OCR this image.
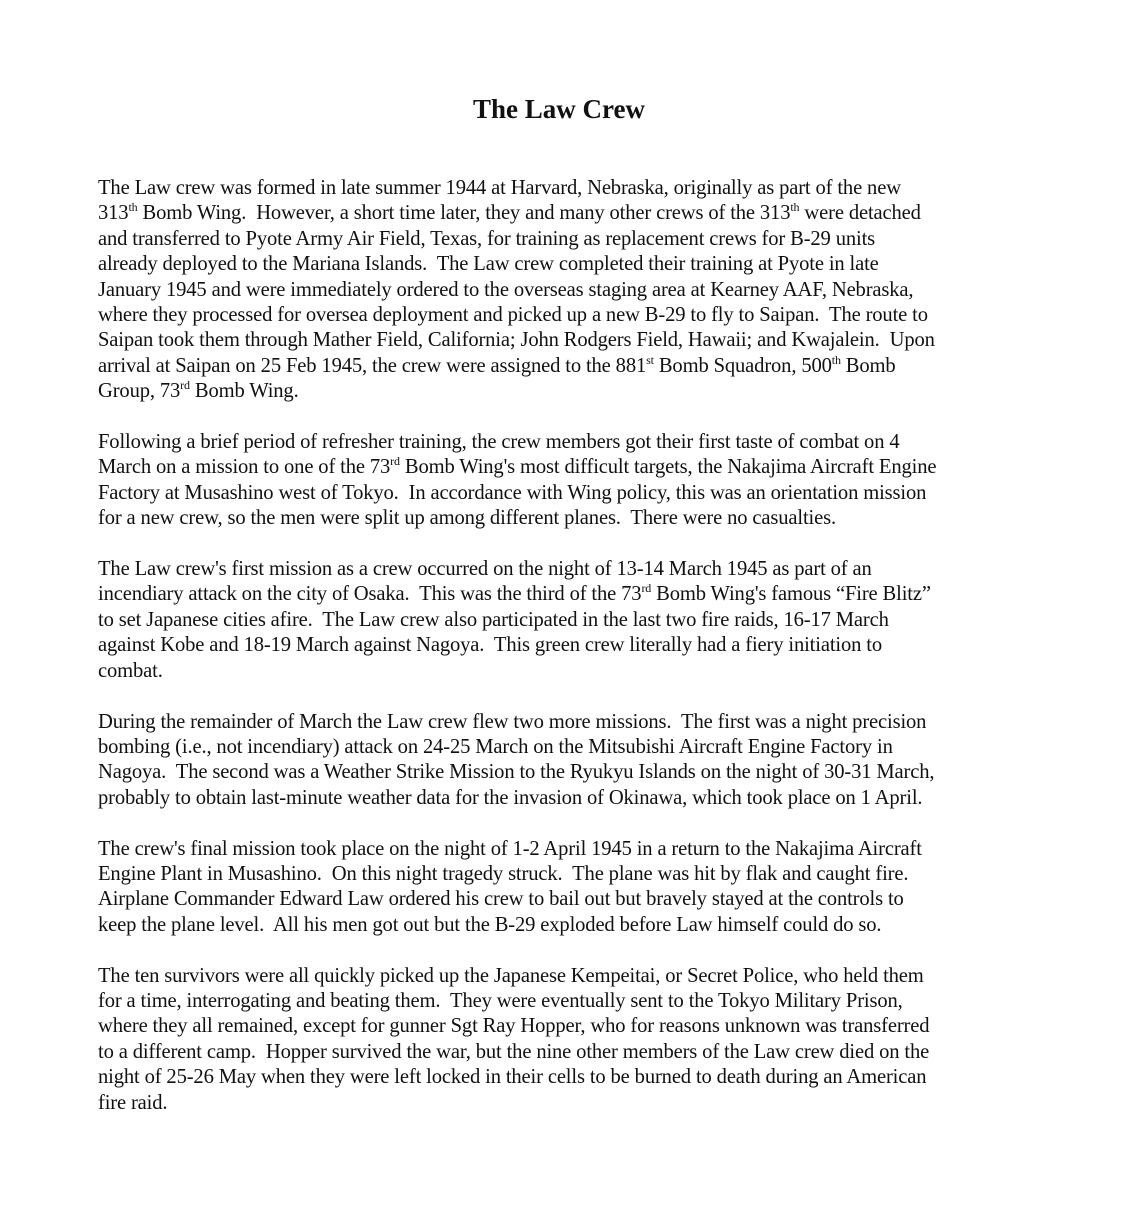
The Law Crew

The Law crew was formed in late summer 1944 at Harvard, Nebraska, originally as part of the new
313th Bomb Wing.  However, a short time later, they and many other crews of the 313th were detached
and transferred to Pyote Army Air Field, Texas, for training as replacement crews for B-29 units
already deployed to the Mariana Islands.  The Law crew completed their training at Pyote in late
January 1945 and were immediately ordered to the overseas staging area at Kearney AAF, Nebraska,
where they processed for oversea deployment and picked up a new B-29 to fly to Saipan.  The route to
Saipan took them through Mather Field, California; John Rodgers Field, Hawaii; and Kwajalein.  Upon
arrival at Saipan on 25 Feb 1945, the crew were assigned to the 881st Bomb Squadron, 500th Bomb
Group, 73rd Bomb Wing.

Following a brief period of refresher training, the crew members got their first taste of combat on 4
March on a mission to one of the 73rd Bomb Wing's most difficult targets, the Nakajima Aircraft Engine
Factory at Musashino west of Tokyo.  In accordance with Wing policy, this was an orientation mission
for a new crew, so the men were split up among different planes.  There were no casualties.

The Law crew's first mission as a crew occurred on the night of 13-14 March 1945 as part of an
incendiary attack on the city of Osaka.  This was the third of the 73rd Bomb Wing's famous “Fire Blitz”
to set Japanese cities afire.  The Law crew also participated in the last two fire raids, 16-17 March
against Kobe and 18-19 March against Nagoya.  This green crew literally had a fiery initiation to
combat.

During the remainder of March the Law crew flew two more missions.  The first was a night precision
bombing (i.e., not incendiary) attack on 24-25 March on the Mitsubishi Aircraft Engine Factory in
Nagoya.  The second was a Weather Strike Mission to the Ryukyu Islands on the night of 30-31 March,
probably to obtain last-minute weather data for the invasion of Okinawa, which took place on 1 April.

The crew's final mission took place on the night of 1-2 April 1945 in a return to the Nakajima Aircraft
Engine Plant in Musashino.  On this night tragedy struck.  The plane was hit by flak and caught fire.
Airplane Commander Edward Law ordered his crew to bail out but bravely stayed at the controls to
keep the plane level.  All his men got out but the B-29 exploded before Law himself could do so.

The ten survivors were all quickly picked up the Japanese Kempeitai, or Secret Police, who held them
for a time, interrogating and beating them.  They were eventually sent to the Tokyo Military Prison,
where they all remained, except for gunner Sgt Ray Hopper, who for reasons unknown was transferred
to a different camp.  Hopper survived the war, but the nine other members of the Law crew died on the
night of 25-26 May when they were left locked in their cells to be burned to death during an American
fire raid.
